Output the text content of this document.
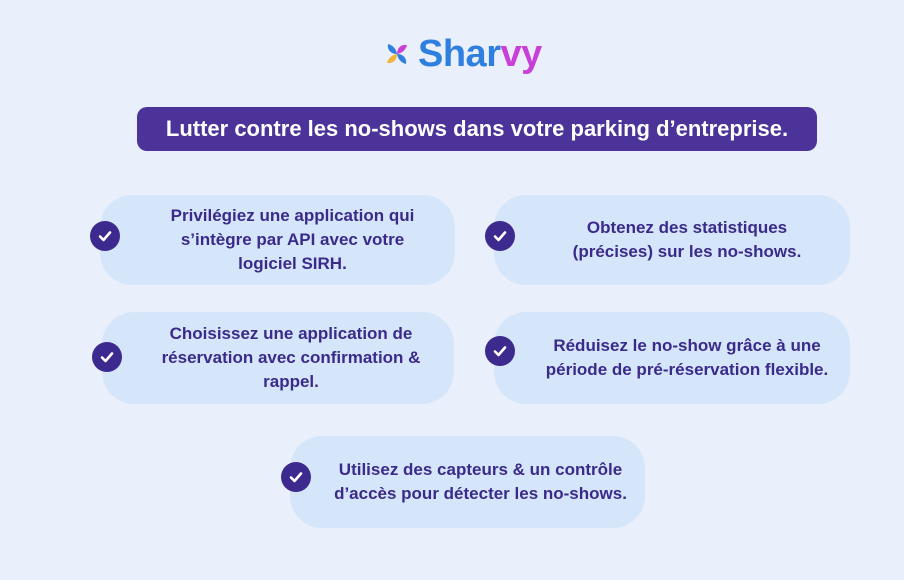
Sharvy
Lutter contre les no-shows dans votre parking d’entreprise.
Privilégiez une application qui s’intègre par API avec votre logiciel SIRH.
Obtenez des statistiques (précises) sur les no-shows.
Choisissez une application de réservation avec confirmation & rappel.
Réduisez le no-show grâce à une période de pré-réservation flexible.
Utilisez des capteurs & un contrôle d’accès pour détecter les no-shows.
